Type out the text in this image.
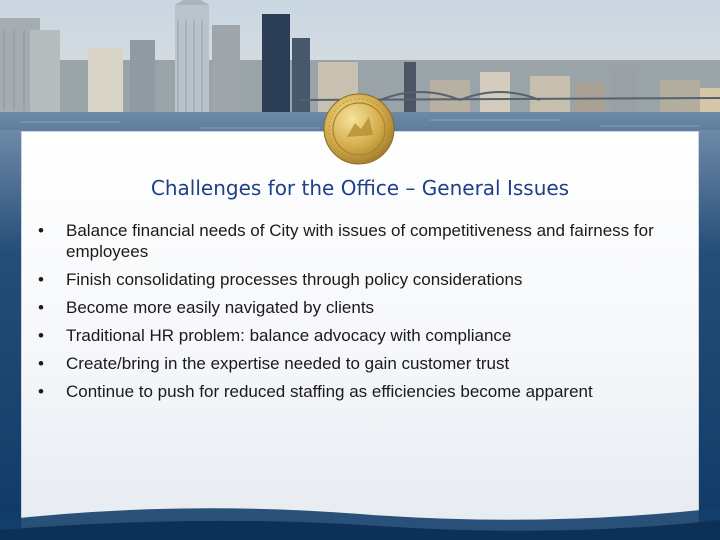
Challenges for the Office – General Issues
• Balance financial needs of City with issues of competitiveness and fairness for employees
• Finish consolidating processes through policy considerations
• Become more easily navigated by clients
• Traditional HR problem: balance advocacy with compliance
• Create/bring in the expertise needed to gain customer trust
• Continue to push for reduced staffing as efficiencies become apparent
